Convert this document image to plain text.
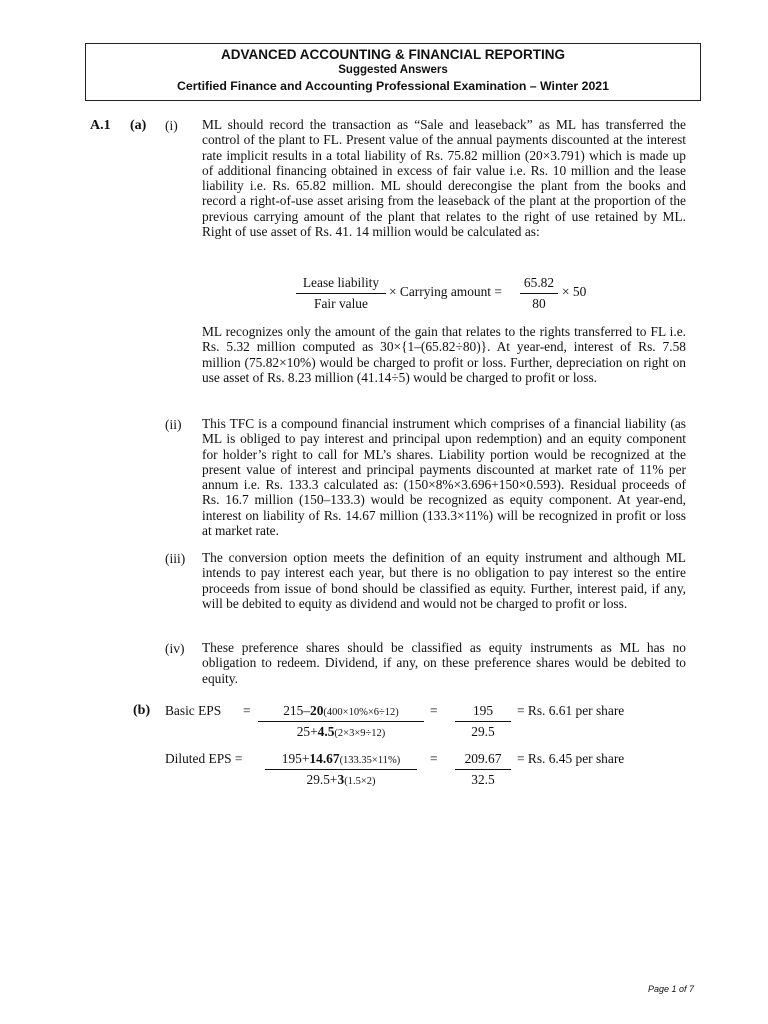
ADVANCED ACCOUNTING & FINANCIAL REPORTING
Suggested Answers
Certified Finance and Accounting Professional Examination – Winter 2021
A.1 (a) (i) ML should record the transaction as “Sale and leaseback” as ML has transferred the control of the plant to FL. Present value of the annual payments discounted at the interest rate implicit results in a total liability of Rs. 75.82 million (20×3.791) which is made up of additional financing obtained in excess of fair value i.e. Rs. 10 million and the lease liability i.e. Rs. 65.82 million. ML should derecongise the plant from the books and record a right-of-use asset arising from the leaseback of the plant at the proportion of the previous carrying amount of the plant that relates to the right of use retained by ML. Right of use asset of Rs. 41. 14 million would be calculated as:
Lease liability
Fair value
× Carrying amount = $\frac{65.82}{80} \times 50$
ML recognizes only the amount of the gain that relates to the rights transferred to FL i.e. Rs. 5.32 million computed as 30×{1–(65.82÷80)}. At year-end, interest of Rs. 7.58 million (75.82×10%) would be charged to profit or loss. Further, depreciation on right on use asset of Rs. 8.23 million (41.14÷5) would be charged to profit or loss.
(ii) This TFC is a compound financial instrument which comprises of a financial liability (as ML is obliged to pay interest and principal upon redemption) and an equity component for holder’s right to call for ML’s shares. Liability portion would be recognized at the present value of interest and principal payments discounted at market rate of 11% per annum i.e. Rs. 133.3 calculated as: (150×8%×3.696+150×0.593). Residual proceeds of Rs. 16.7 million (150–133.3) would be recognized as equity component. At year-end, interest on liability of Rs. 14.67 million (133.3×11%) will be recognized in profit or loss at market rate.
(iii) The conversion option meets the definition of an equity instrument and although ML intends to pay interest each year, but there is no obligation to pay interest so the entire proceeds from issue of bond should be classified as equity. Further, interest paid, if any, will be debited to equity as dividend and would not be charged to profit or loss.
(iv) These preference shares should be classified as equity instruments as ML has no obligation to redeem. Dividend, if any, on these preference shares would be debited to equity.
(b) Basic EPS = $\frac{215-20(400\times 10\%\times 6\div 12)}{25+4.5(2\times 3\times 9\div 12)} = \frac{195}{29.5} = Rs$. 6.61 per share
Diluted EPS = $\frac{195+14.67(133.35\times 11\%)}{29.5+3(1.5\times 2)} = \frac{209.67}{32.5} = Rs$. 6.45 per share
Page 1 of 7
